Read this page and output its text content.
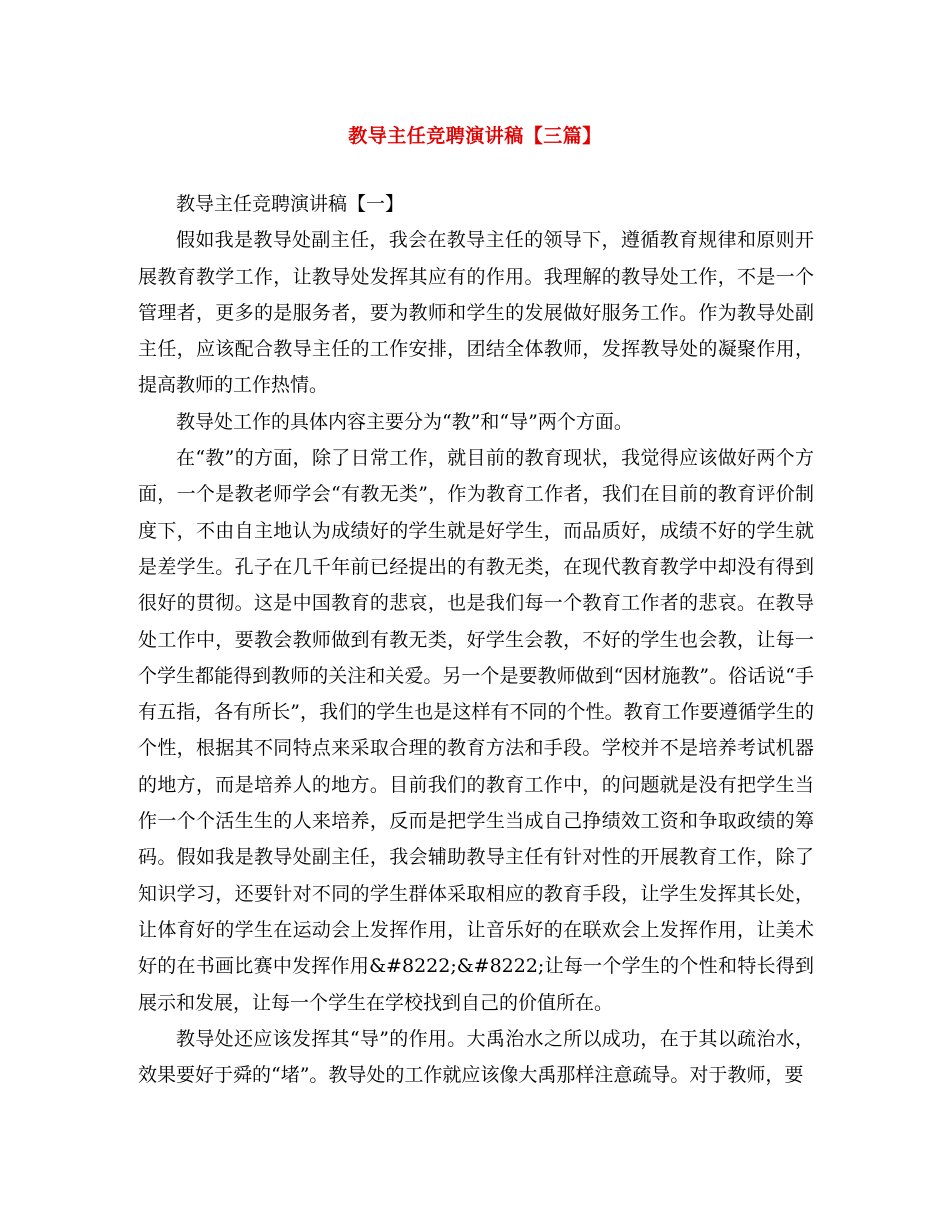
教导主任竞聘演讲稿【三篇】

教导主任竞聘演讲稿【一】

假如我是教导处副主任，我会在教导主任的领导下，遵循教育规律和原则开展教育教学工作，让教导处发挥其应有的作用。我理解的教导处工作，不是一个管理者，更多的是服务者，要为教师和学生的发展做好服务工作。作为教导处副主任，应该配合教导主任的工作安排，团结全体教师，发挥教导处的凝聚作用，提高教师的工作热情。

教导处工作的具体内容主要分为“教”和“导”两个方面。

在“教”的方面，除了日常工作，就目前的教育现状，我觉得应该做好两个方面，一个是教老师学会“有教无类”，作为教育工作者，我们在目前的教育评价制度下，不由自主地认为成绩好的学生就是好学生，而品质好，成绩不好的学生就是差学生。孔子在几千年前已经提出的有教无类，在现代教育教学中却没有得到很好的贯彻。这是中国教育的悲哀，也是我们每一个教育工作者的悲哀。在教导处工作中，要教会教师做到有教无类，好学生会教，不好的学生也会教，让每一个学生都能得到教师的关注和关爱。另一个是要教师做到“因材施教”。俗话说“手有五指，各有所长”，我们的学生也是这样有不同的个性。教育工作要遵循学生的个性，根据其不同特点来采取合理的教育方法和手段。学校并不是培养考试机器的地方，而是培养人的地方。目前我们的教育工作中，的问题就是没有把学生当作一个个活生生的人来培养，反而是把学生当成自己挣绩效工资和争取政绩的筹码。假如我是教导处副主任，我会辅助教导主任有针对性的开展教育工作，除了知识学习，还要针对不同的学生群体采取相应的教育手段，让学生发挥其长处，让体育好的学生在运动会上发挥作用，让音乐好的在联欢会上发挥作用，让美术好的在书画比赛中发挥作用&#8222;&#8222;让每一个学生的个性和特长得到展示和发展，让每一个学生在学校找到自己的价值所在。

教导处还应该发挥其“导”的作用。大禹治水之所以成功，在于其以疏治水，效果要好于舜的“堵”。教导处的工作就应该像大禹那样注意疏导。对于教师，要
